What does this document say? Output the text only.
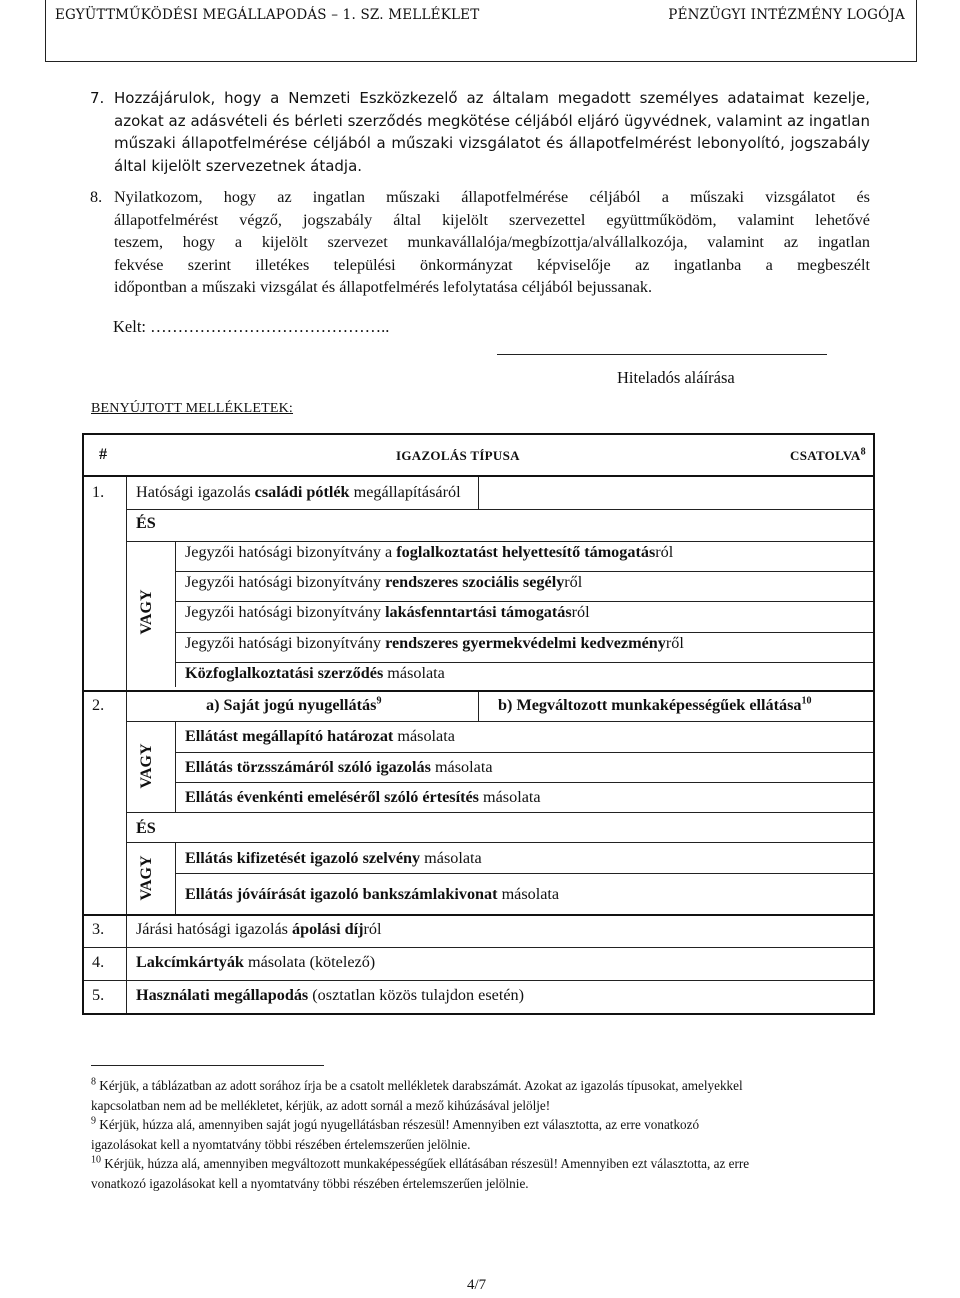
EGYÜTTMŰKÖDÉSI MEGÁLLAPODÁS – 1. SZ. MELLÉKLET	PÉNZÜGYI INTÉZMÉNY LOGÓJA
7. Hozzájárulok, hogy a Nemzeti Eszközkezelő az általam megadott személyes adataimat kezelje,
azokat az adásvételi és bérleti szerződés megkötése céljából eljáró ügyvédnek, valamint az ingatlan
műszaki állapotfelmérése céljából a műszaki vizsgálatot és állapotfelmérést lebonyolító, jogszabály
által kijelölt szervezetnek átadja.
8. Nyilatkozom, hogy az ingatlan műszaki állapotfelmérése céljából a műszaki vizsgálatot és
állapotfelmérést végző, jogszabály által kijelölt szervezettel együttműködöm, valamint lehetővé
teszem, hogy a kijelölt szervezet munkavállalója/megbízottja/alvállalkozója, valamint az ingatlan
fekvése szerint illetékes települési önkormányzat képviselője az ingatlanba a megbeszélt
időpontban a műszaki vizsgálat és állapotfelmérés lefolytatása céljából bejussanak.
Kelt: ……………………………………..
Hiteladós aláírása
BENYÚJTOTT MELLÉKLETEK:
#	IGAZOLÁS TÍPUSA	CSATOLVA$^8$
1. Hatósági igazolás családi pótlék megállapításáról
ÉS
VAGY
Jegyzői hatósági bizonyítvány a foglalkoztatást helyettesítő támogatásról
Jegyzői hatósági bizonyítvány rendszeres szociális segélyről
Jegyzői hatósági bizonyítvány lakásfenntartási támogatásról
Jegyzői hatósági bizonyítvány rendszeres gyermekvédelmi kedvezményről
Közfoglalkoztatási szerződés másolata
2.	a) Saját jogú nyugellátás$^9$	b) Megváltozott munkaképességűek ellátása$^{10}$
VAGY
Ellátást megállapító határozat másolata
Ellátás törzsszámáról szóló igazolás másolata
Ellátás évenkénti emeléséről szóló értesítés másolata
ÉS
VAGY Ellátás kifizetését igazoló szelvény másolata
Ellátás jóváírását igazoló bankszámlakivonat másolata
3. Járási hatósági igazolás ápolási díjról
4. Lakcímkártyák másolata (kötelező)
5. Használati megállapodás (osztatlan közös tulajdon esetén)
$^8$ Kérjük, a táblázatban az adott sorához írja be a csatolt mellékletek darabszámát. Azokat az igazolás típusokat, amelyekkel
kapcsolatban nem ad be mellékletet, kérjük, az adott sornál a mező kihúzásával jelölje!
$^9$ Kérjük, húzza alá, amennyiben saját jogú nyugellátásban részesül! Amennyiben ezt választotta, az erre vonatkozó
igazolásokat kell a nyomtatvány többi részében értelemszerűen jelölnie.
$^{10}$ Kérjük, húzza alá, amennyiben megváltozott munkaképességűek ellátásában részesül! Amennyiben ezt választotta, az erre
vonatkozó igazolásokat kell a nyomtatvány többi részében értelemszerűen jelölnie.
4/7
